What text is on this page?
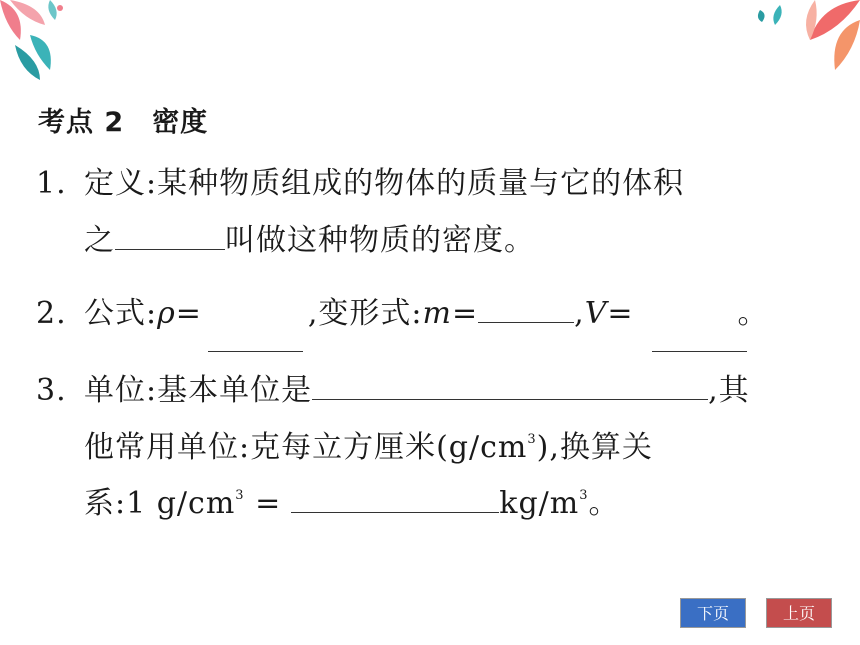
考点 2 密度
1. 定义:某种物质组成的物体的质量与它的体积
之	叫做这种物质的密度。
2. 公式:ρ=	,变形式:m=	,V=	。
3. 单位:基本单位是	,其
他常用单位:克每立方厘米$(g/cm^3)$,换算关
系:1 $g/cm^3$ =	$kg/m^3$。
下页	上页
